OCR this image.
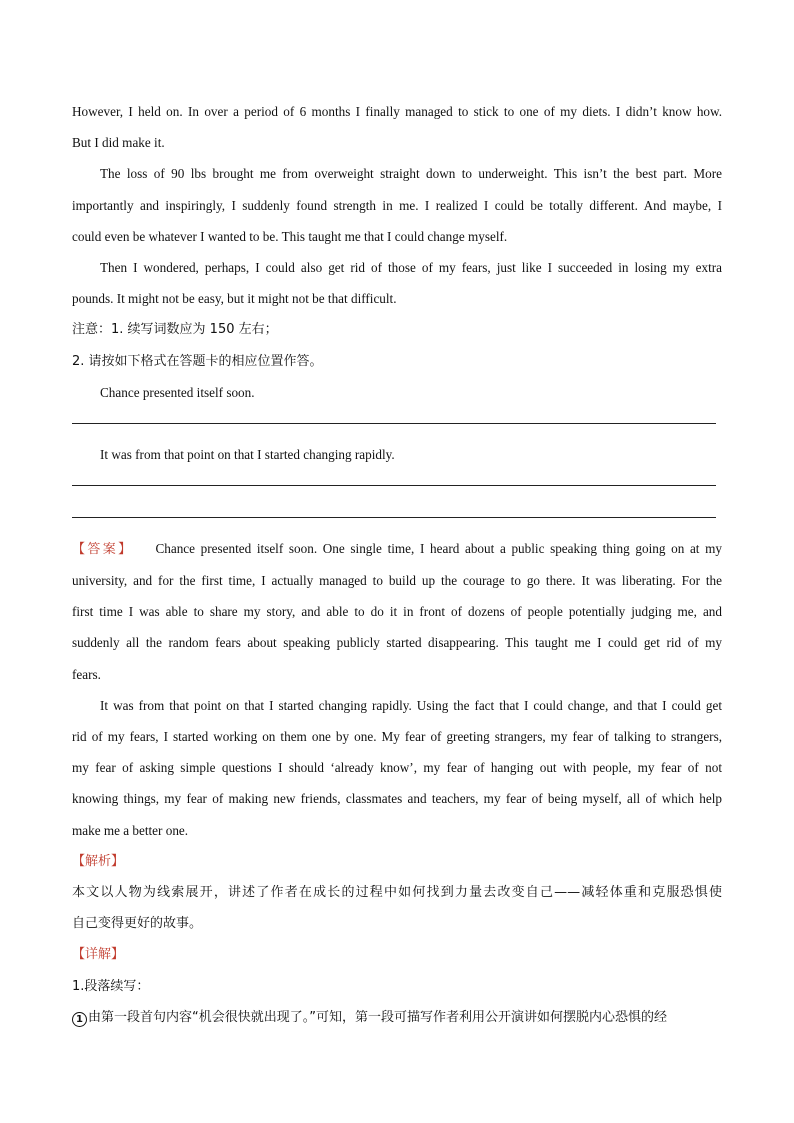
However, I held on. In over a period of 6 months I finally managed to stick to one of my diets. I didn’t know how.

But I did make it.

The loss of 90 lbs brought me from overweight straight down to underweight. This isn’t the best part. More

importantly and inspiringly, I suddenly found strength in me. I realized I could be totally different. And maybe, I

could even be whatever I wanted to be. This taught me that I could change myself.

Then I wondered, perhaps, I could also get rid of those of my fears, just like I succeeded in losing my extra

pounds. It might not be easy, but it might not be that difficult.

注意：1. 续写词数应为 150 左右；

2. 请按如下格式在答题卡的相应位置作答。

Chance presented itself soon.

It was from that point on that I started changing rapidly.

【答案】 Chance presented itself soon. One single time, I heard about a public speaking thing going on at my

university, and for the first time, I actually managed to build up the courage to go there. It was liberating. For the

first time I was able to share my story, and able to do it in front of dozens of people potentially judging me, and

suddenly all the random fears about speaking publicly started disappearing. This taught me I could get rid of my

fears.

It was from that point on that I started changing rapidly. Using the fact that I could change, and that I could get

rid of my fears, I started working on them one by one. My fear of greeting strangers, my fear of talking to strangers,

my fear of asking simple questions I should ‘already know’, my fear of hanging out with people, my fear of not

knowing things, my fear of making new friends, classmates and teachers, my fear of being myself, all of which help

make me a better one.

【解析】

本文以人物为线索展开，讲述了作者在成长的过程中如何找到力量去改变自己——减轻体重和克服恐惧使

自己变得更好的故事。

【详解】

1.段落续写：

1 由第一段首句内容“机会很快就出现了。”可知，第一段可描写作者利用公开演讲如何摆脱内心恐惧的经
